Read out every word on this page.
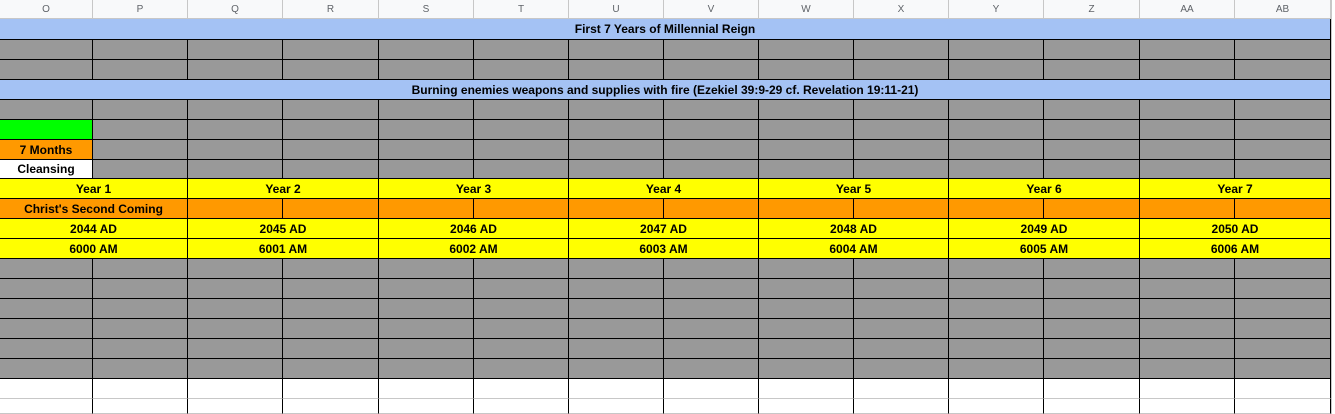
O	P	Q	R	S	T	U	V	W	X	Y	Z	AA	AB
First 7 Years of Millennial Reign
Burning enemies weapons and supplies with fire (Ezekiel 39:9-29 cf. Revelation 19:11-21)
7 Months
Cleansing
Year 1	Year 2	Year 3	Year 4	Year 5	Year 6	Year 7
Christ's Second Coming
2044 AD	2045 AD	2046 AD	2047 AD	2048 AD	2049 AD	2050 AD
6000 AM	6001 AM	6002 AM	6003 AM	6004 AM	6005 AM	6006 AM
